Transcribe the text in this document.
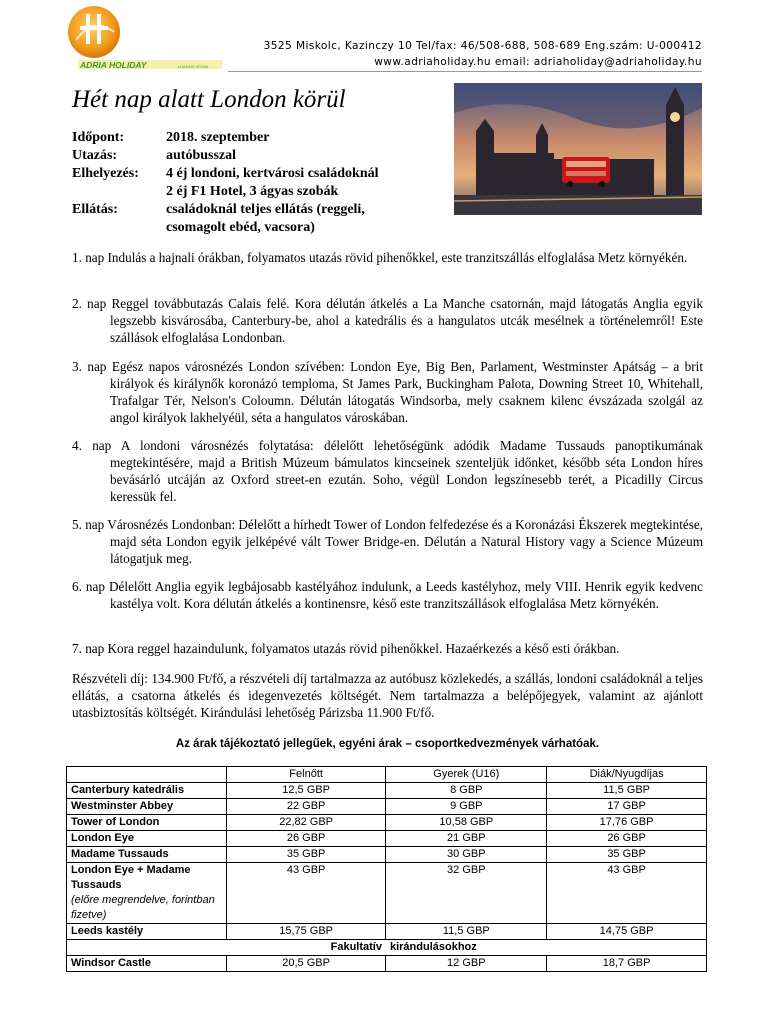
ADRIA HOLIDAY	UTAZÁSI IRODA
3525 Miskolc, Kazinczy 10 Tel/fax: 46/508-688, 508-689 Eng.szám: U-000412
www.adriaholiday.hu email: adriaholiday@adriaholiday.hu
Hét nap alatt London körül
Időpont:	2018. szeptember
Utazás:	autóbusszal
Elhelyezés: 4 éj londoni, kertvárosi családoknál
2 éj F1 Hotel, 3 ágyas szobák
Ellátás:	családoknál teljes ellátás (reggeli,
csomagolt ebéd, vacsora)
1. nap Indulás a hajnali órákban, folyamatos utazás rövid pihenőkkel, este tranzitszállás elfoglalása Metz környékén.
2. nap Reggel továbbutazás Calais felé. Kora délután átkelés a La Manche csatornán, majd látogatás Anglia egyik legszebb kisvárosába, Canterbury-be, ahol a katedrális és a hangulatos utcák mesélnek a történelemről! Este szállások elfoglalása Londonban.
3. nap Egész napos városnézés London szívében: London Eye, Big Ben, Parlament, Westminster Apátság – a brit királyok és királynők koronázó temploma, St James Park, Buckingham Palota, Downing Street 10, Whitehall, Trafalgar Tér, Nelson's Coloumn. Délután látogatás Windsorba, mely csaknem kilenc évszázada szolgál az angol királyok lakhelyéül, séta a hangulatos városkában.
4. nap A londoni városnézés folytatása: délelőtt lehetőségünk adódik Madame Tussauds panoptikumának megtekintésére, majd a British Múzeum bámulatos kincseinek szenteljük időnket, később séta London híres bevásárló utcáján az Oxford street-en ezután. Soho, végül London legszínesebb terét, a Picadilly Circus keressük fel.
5. nap Városnézés Londonban: Délelőtt a hírhedt Tower of London felfedezése és a Koronázási Ékszerek megtekintése, majd séta London egyik jelképévé vált Tower Bridge-en. Délután a Natural History vagy a Science Múzeum látogatjuk meg.
6. nap Délelőtt Anglia egyik legbájosabb kastélyához indulunk, a Leeds kastélyhoz, mely VIII. Henrik egyik kedvenc kastélya volt. Kora délután átkelés a kontinensre, késő este tranzitszállások elfoglalása Metz környékén.
7. nap Kora reggel hazaindulunk, folyamatos utazás rövid pihenőkkel. Hazaérkezés a késő esti órákban.
Részvételi díj: 134.900 Ft/fő, a részvételi díj tartalmazza az autóbusz közlekedés, a szállás, londoni családoknál a teljes ellátás, a csatorna átkelés és idegenvezetés költségét. Nem tartalmazza a belépőjegyek, valamint az ajánlott utasbiztosítás költségét. Kirándulási lehetőség Párizsba 11.900 Ft/fő.
Az árak tájékoztató jellegűek, egyéni árak – csoportkedvezmények várhatóak.
	Felnőtt	Gyerek (U16)	Diák/Nyugdíjas
Canterbury katedrális	12,5 GBP	8 GBP	11,5 GBP
Westminster Abbey	22 GBP	9 GBP	17 GBP
Tower of London	22,82 GBP	10,58 GBP	17,76 GBP
London Eye	26 GBP	21 GBP	26 GBP
Madame Tussauds	35 GBP	30 GBP	35 GBP

London Eye + Madame Tussauds
(előre megrendelve, forintban fizetve)	43 GBP	32 GBP	43 GBP
Leeds kastély	15,75 GBP	11,5 GBP	14,75 GBP
Fakultatív		kirándulásokhoz	
Windsor Castle	20,5 GBP	12 GBP	18,7 GBP
